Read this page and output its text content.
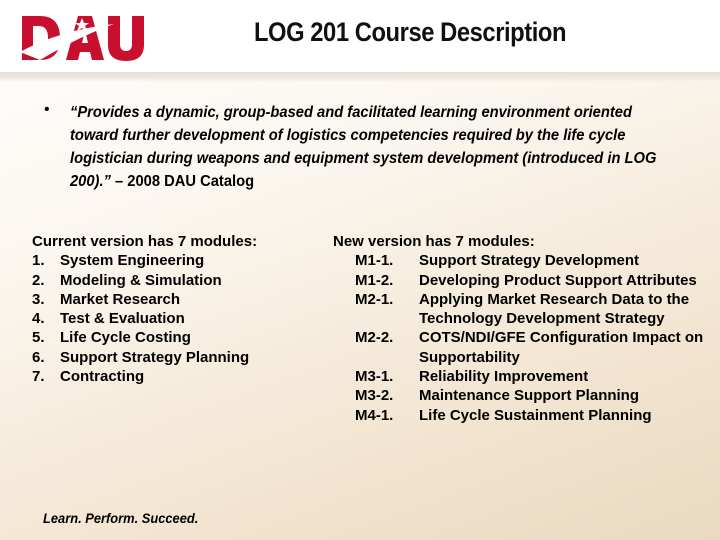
LOG 201 Course Description
• “Provides a dynamic, group-based and facilitated learning environment oriented toward further development of logistics competencies required by the life cycle logistician during weapons and equipment system development (introduced in LOG 200).” – 2008 DAU Catalog
Current version has 7 modules:
1.	System Engineering
2.	Modeling & Simulation
3.	Market Research
4.	Test & Evaluation
5.	Life Cycle Costing
6.	Support Strategy Planning
7.	Contracting
New version has 7 modules:
M1-1.	Support Strategy Development
M1-2.	Developing Product Support Attributes
M2-1.	Applying Market Research Data to the Technology Development Strategy
M2-2.	COTS/NDI/GFE Configuration Impact on Supportability
M3-1.	Reliability Improvement
M3-2.	Maintenance Support Planning
M4-1.	Life Cycle Sustainment Planning
Learn. Perform. Succeed.
